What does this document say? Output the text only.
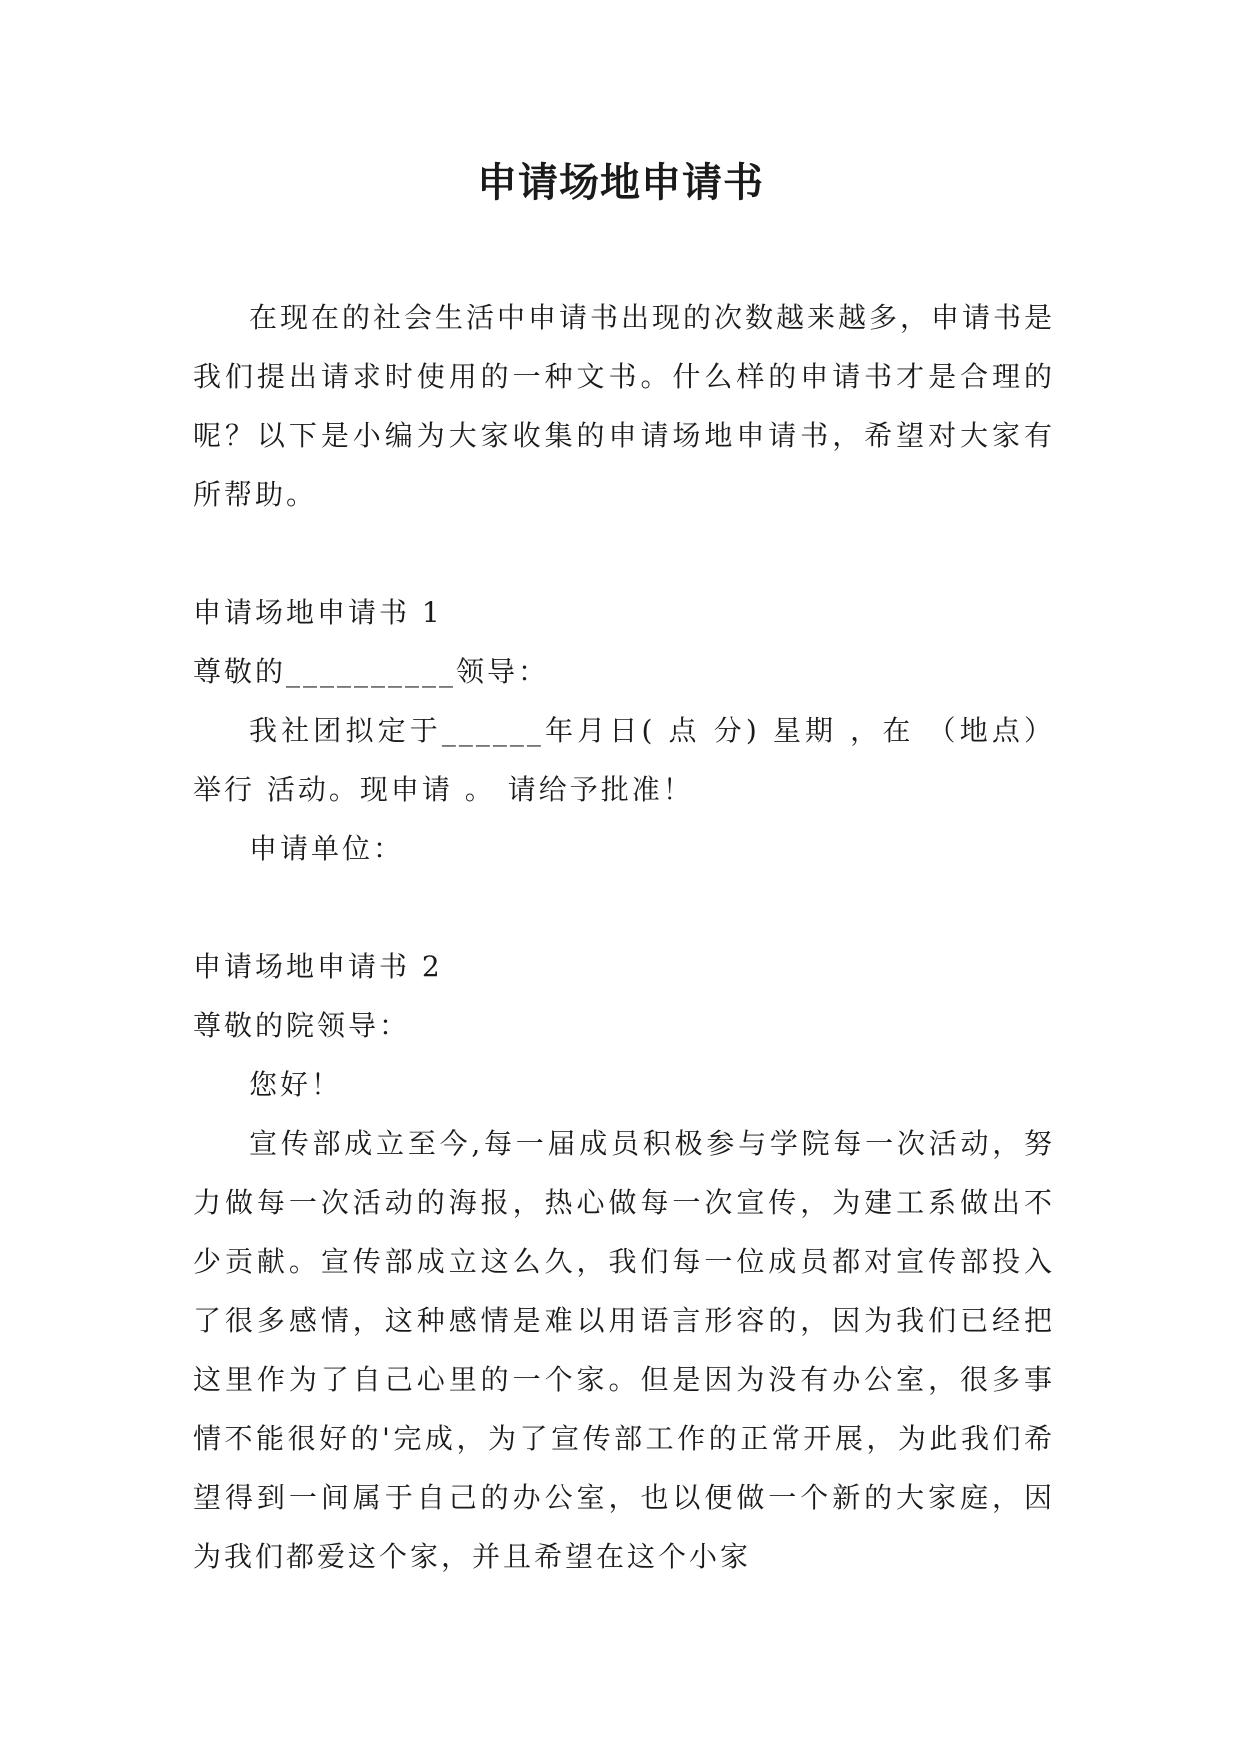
申请场地申请书

在现在的社会生活中申请书出现的次数越来越多，申请书是我们提出请求时使用的一种文书。什么样的申请书才是合理的呢？以下是小编为大家收集的申请场地申请书，希望对大家有所帮助。

申请场地申请书 1

尊敬的__________领导：

我社团拟定于______年月日( 点 分) 星期 ，在 （地点）举行 活动。现申请 。 请给予批准！

申请单位：

申请场地申请书 2

尊敬的院领导：

您好！

宣传部成立至今,每一届成员积极参与学院每一次活动，努力做每一次活动的海报，热心做每一次宣传，为建工系做出不少贡献。宣传部成立这么久，我们每一位成员都对宣传部投入了很多感情，这种感情是难以用语言形容的，因为我们已经把这里作为了自己心里的一个家。但是因为没有办公室，很多事情不能很好的'完成，为了宣传部工作的正常开展，为此我们希望得到一间属于自己的办公室，也以便做一个新的大家庭，因为我们都爱这个家，并且希望在这个小家
